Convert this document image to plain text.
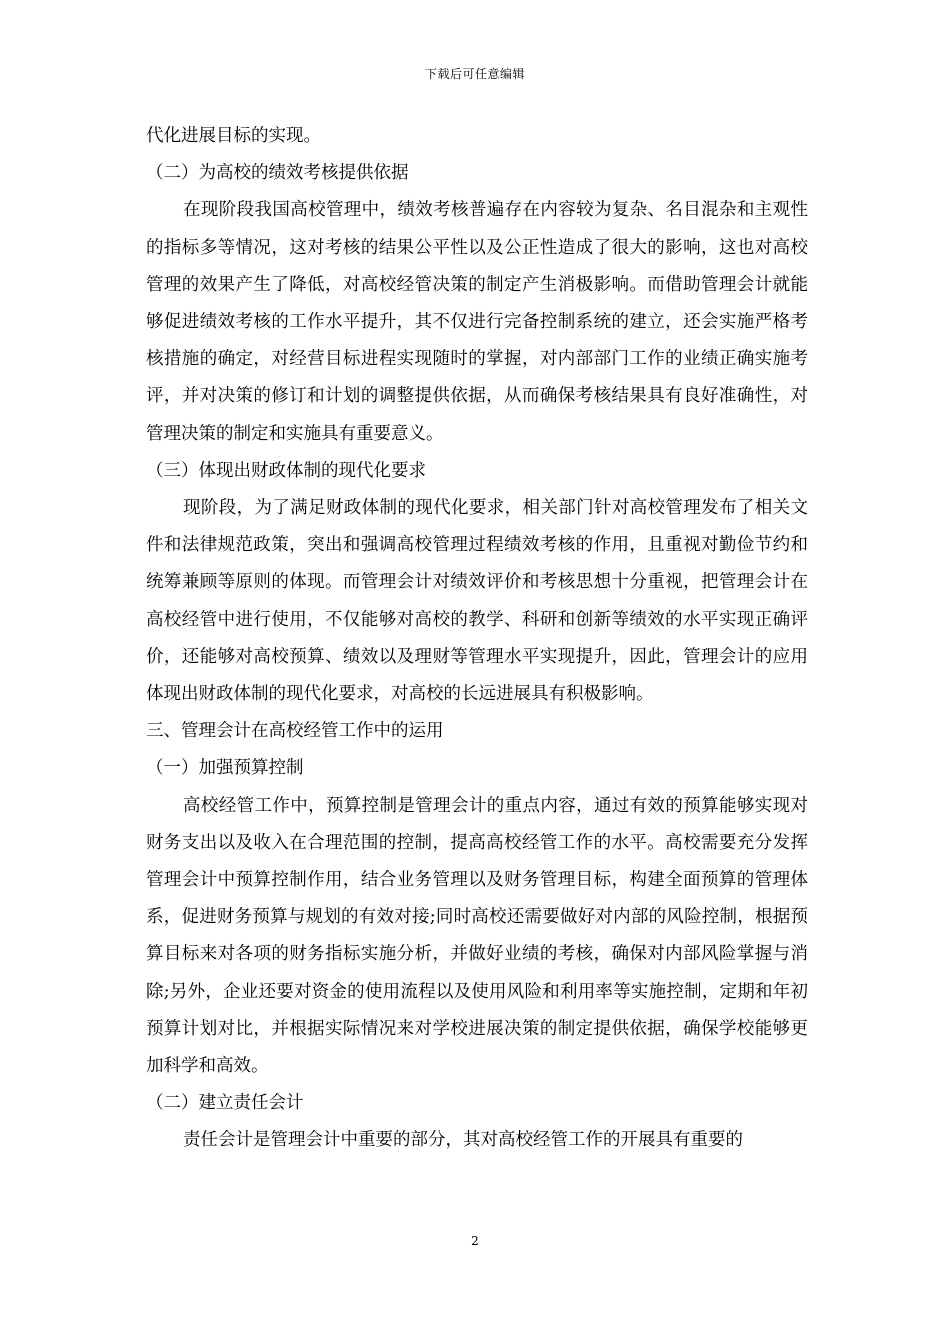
下载后可任意编辑

代化进展目标的实现。

（二）为高校的绩效考核提供依据

在现阶段我国高校管理中，绩效考核普遍存在内容较为复杂、名目混杂和主观性的指标多等情况，这对考核的结果公平性以及公正性造成了很大的影响，这也对高校管理的效果产生了降低，对高校经管决策的制定产生消极影响。而借助管理会计就能够促进绩效考核的工作水平提升，其不仅进行完备控制系统的建立，还会实施严格考核措施的确定，对经营目标进程实现随时的掌握，对内部部门工作的业绩正确实施考评，并对决策的修订和计划的调整提供依据，从而确保考核结果具有良好准确性，对管理决策的制定和实施具有重要意义。

（三）体现出财政体制的现代化要求

现阶段，为了满足财政体制的现代化要求，相关部门针对高校管理发布了相关文件和法律规范政策，突出和强调高校管理过程绩效考核的作用，且重视对勤俭节约和统筹兼顾等原则的体现。而管理会计对绩效评价和考核思想十分重视，把管理会计在高校经管中进行使用，不仅能够对高校的教学、科研和创新等绩效的水平实现正确评价，还能够对高校预算、绩效以及理财等管理水平实现提升，因此，管理会计的应用体现出财政体制的现代化要求，对高校的长远进展具有积极影响。

三、管理会计在高校经管工作中的运用

（一）加强预算控制

高校经管工作中，预算控制是管理会计的重点内容，通过有效的预算能够实现对财务支出以及收入在合理范围的控制，提高高校经管工作的水平。高校需要充分发挥管理会计中预算控制作用，结合业务管理以及财务管理目标，构建全面预算的管理体系，促进财务预算与规划的有效对接;同时高校还需要做好对内部的风险控制，根据预算目标来对各项的财务指标实施分析，并做好业绩的考核，确保对内部风险掌握与消除;另外，企业还要对资金的使用流程以及使用风险和利用率等实施控制，定期和年初预算计划对比，并根据实际情况来对学校进展决策的制定提供依据，确保学校能够更加科学和高效。

（二）建立责任会计

责任会计是管理会计中重要的部分，其对高校经管工作的开展具有重要的

2
